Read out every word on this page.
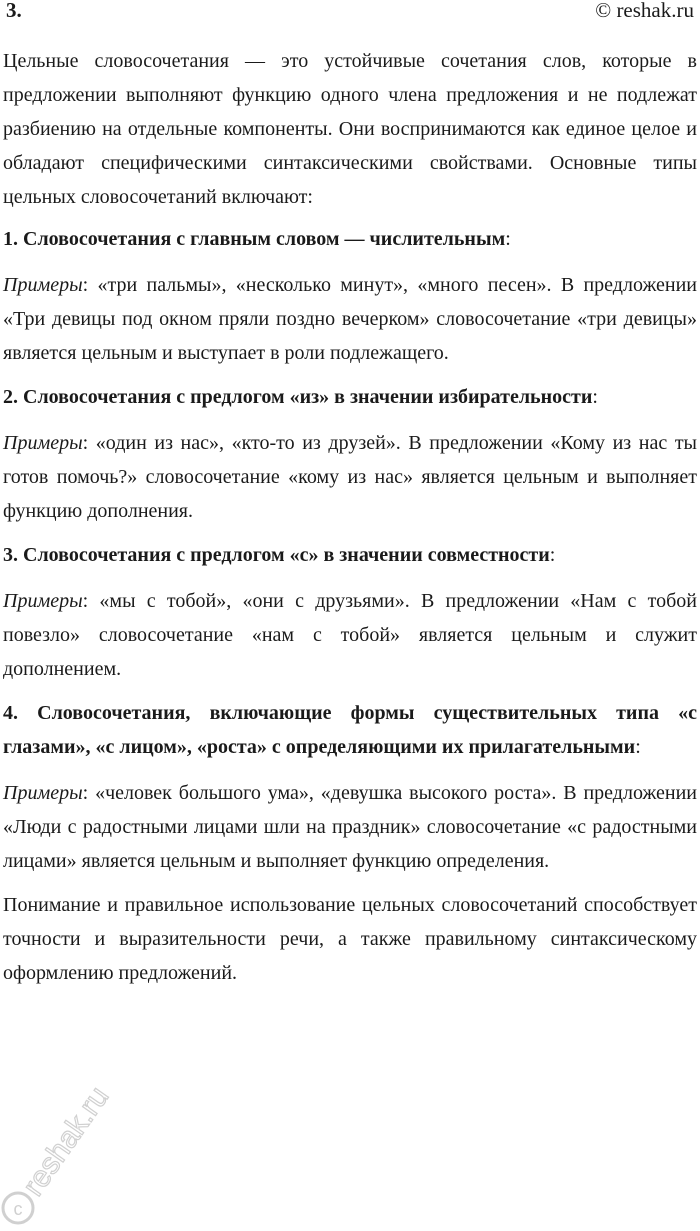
3.	© reshak.ru

Цельные словосочетания — это устойчивые сочетания слов, которые в предложении выполняют функцию одного члена предложения и не подлежат разбиению на отдельные компоненты. Они воспринимаются как единое целое и обладают специфическими синтаксическими свойствами. Основные типы цельных словосочетаний включают:

1. Словосочетания с главным словом — числительным:

Примеры: «три пальмы», «несколько минут», «много песен». В предложении «Три девицы под окном пряли поздно вечерком» словосочетание «три девицы» является цельным и выступает в роли подлежащего.

2. Словосочетания с предлогом «из» в значении избирательности:

Примеры: «один из нас», «кто-то из друзей». В предложении «Кому из нас ты готов помочь?» словосочетание «кому из нас» является цельным и выполняет функцию дополнения.

3. Словосочетания с предлогом «с» в значении совместности:

Примеры: «мы с тобой», «они с друзьями». В предложении «Нам с тобой повезло» словосочетание «нам с тобой» является цельным и служит дополнением.

4. Словосочетания, включающие формы существительных типа «с глазами», «с лицом», «роста» с определяющими их прилагательными:

Примеры: «человек большого ума», «девушка высокого роста». В предложении «Люди с радостными лицами шли на праздник» словосочетание «с радостными лицами» является цельным и выполняет функцию определения.

Понимание и правильное использование цельных словосочетаний способствует точности и выразительности речи, а также правильному синтаксическому оформлению предложений.

c
reshak.ru
